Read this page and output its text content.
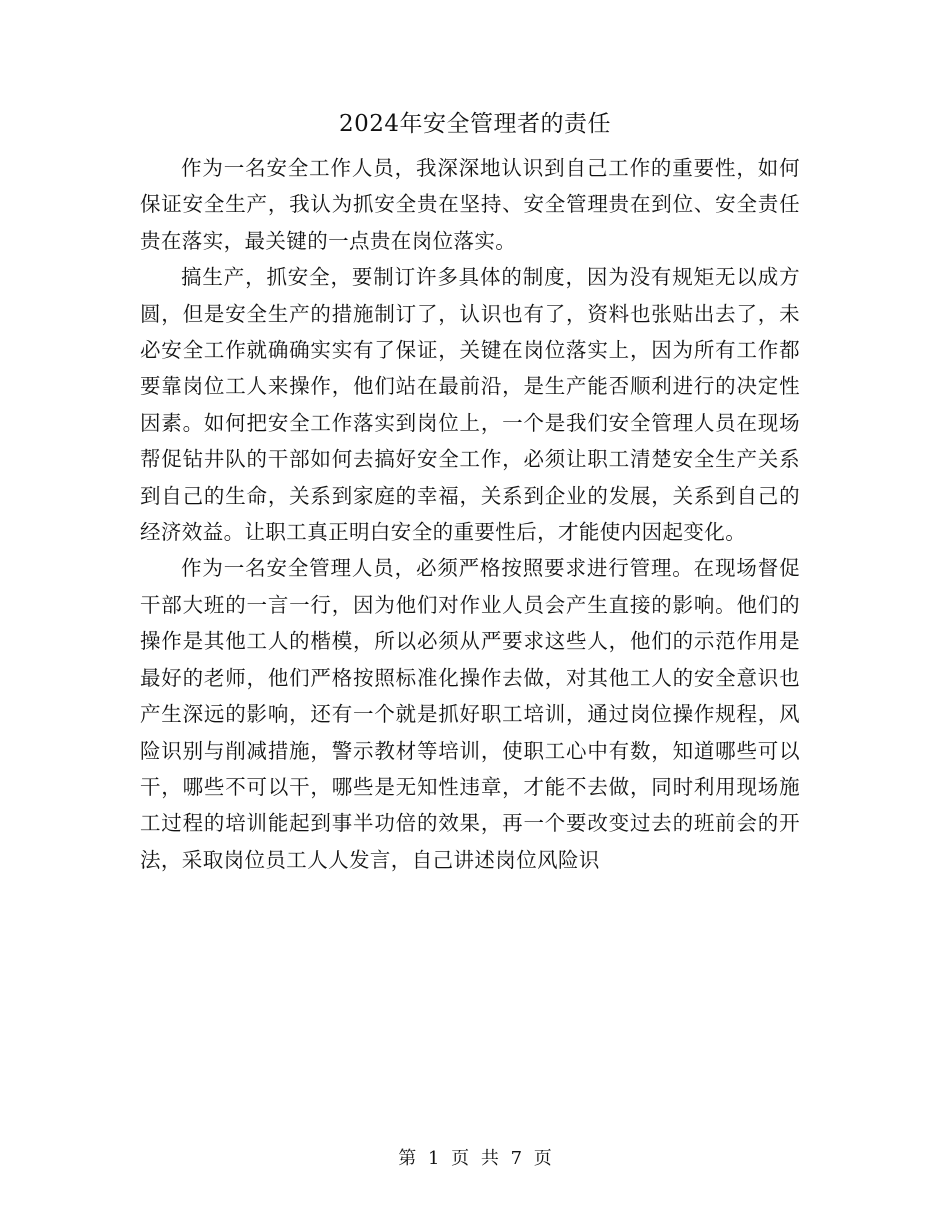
2024年安全管理者的责任

作为一名安全工作人员，我深深地认识到自己工作的重要性，如何保证安全生产，我认为抓安全贵在坚持、安全管理贵在到位、安全责任贵在落实，最关键的一点贵在岗位落实。

搞生产，抓安全，要制订许多具体的制度，因为没有规矩无以成方圆，但是安全生产的措施制订了，认识也有了，资料也张贴出去了，未必安全工作就确确实实有了保证，关键在岗位落实上，因为所有工作都要靠岗位工人来操作，他们站在最前沿，是生产能否顺利进行的决定性因素。如何把安全工作落实到岗位上，一个是我们安全管理人员在现场帮促钻井队的干部如何去搞好安全工作，必须让职工清楚安全生产关系到自己的生命，关系到家庭的幸福，关系到企业的发展，关系到自己的经济效益。让职工真正明白安全的重要性后，才能使内因起变化。

作为一名安全管理人员，必须严格按照要求进行管理。在现场督促干部大班的一言一行，因为他们对作业人员会产生直接的影响。他们的操作是其他工人的楷模，所以必须从严要求这些人，他们的示范作用是最好的老师，他们严格按照标准化操作去做，对其他工人的安全意识也产生深远的影响，还有一个就是抓好职工培训，通过岗位操作规程，风险识别与削减措施，警示教材等培训，使职工心中有数，知道哪些可以干，哪些不可以干，哪些是无知性违章，才能不去做，同时利用现场施工过程的培训能起到事半功倍的效果，再一个要改变过去的班前会的开法，采取岗位员工人人发言，自己讲述岗位风险识

第 1 页 共 7 页
